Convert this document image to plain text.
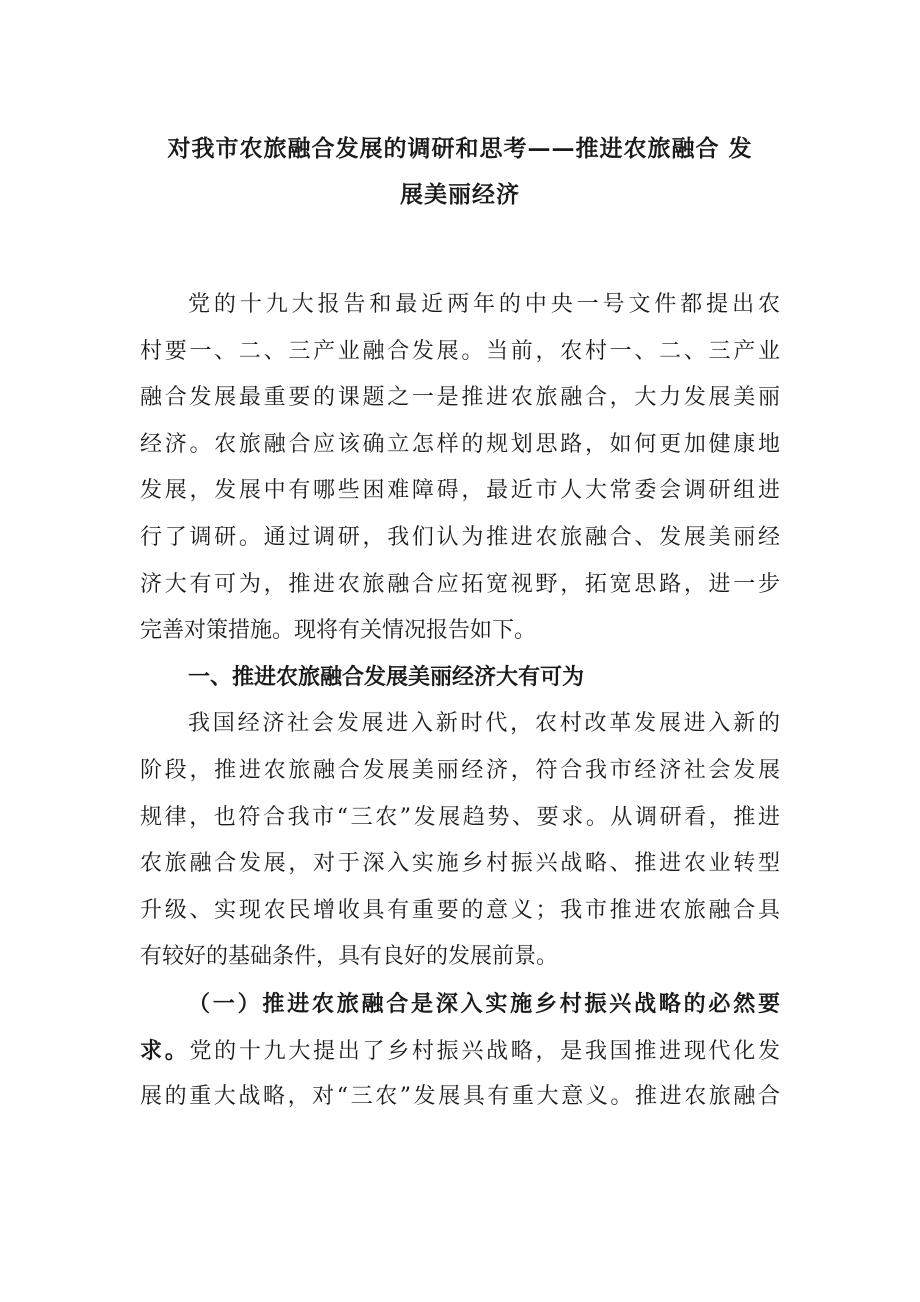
对我市农旅融合发展的调研和思考——推进农旅融合 发
展美丽经济
党的十九大报告和最近两年的中央一号文件都提出农
村要一、二、三产业融合发展。当前，农村一、二、三产业
融合发展最重要的课题之一是推进农旅融合，大力发展美丽
经济。农旅融合应该确立怎样的规划思路，如何更加健康地
发展，发展中有哪些困难障碍，最近市人大常委会调研组进
行了调研。通过调研，我们认为推进农旅融合、发展美丽经
济大有可为，推进农旅融合应拓宽视野，拓宽思路，进一步
完善对策措施。现将有关情况报告如下。
一、推进农旅融合发展美丽经济大有可为
我国经济社会发展进入新时代，农村改革发展进入新的
阶段，推进农旅融合发展美丽经济，符合我市经济社会发展
规律，也符合我市“三农”发展趋势、要求。从调研看，推进
农旅融合发展，对于深入实施乡村振兴战略、推进农业转型
升级、实现农民增收具有重要的意义；我市推进农旅融合具
有较好的基础条件，具有良好的发展前景。
（一）推进农旅融合是深入实施乡村振兴战略的必然要
求。党的十九大提出了乡村振兴战略，是我国推进现代化发
展的重大战略，对“三农”发展具有重大意义。推进农旅融合
